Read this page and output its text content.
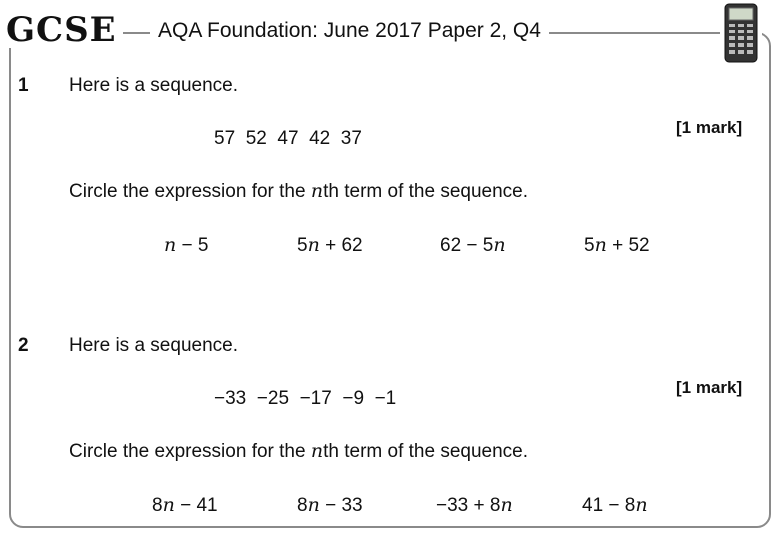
GCSE	AQA Foundation: June 2017 Paper 2, Q4
1 Here is a sequence.
57  52  47  42  37
[1 mark]
Circle the expression for the nth term of the sequence.
n − 5	5n + 62	62 − 5n	5n + 52
2 Here is a sequence.
−33  −25  −17  −9  −1
[1 mark]
Circle the expression for the nth term of the sequence.
8n − 41	8n − 33	−33 + 8n	41 − 8n
